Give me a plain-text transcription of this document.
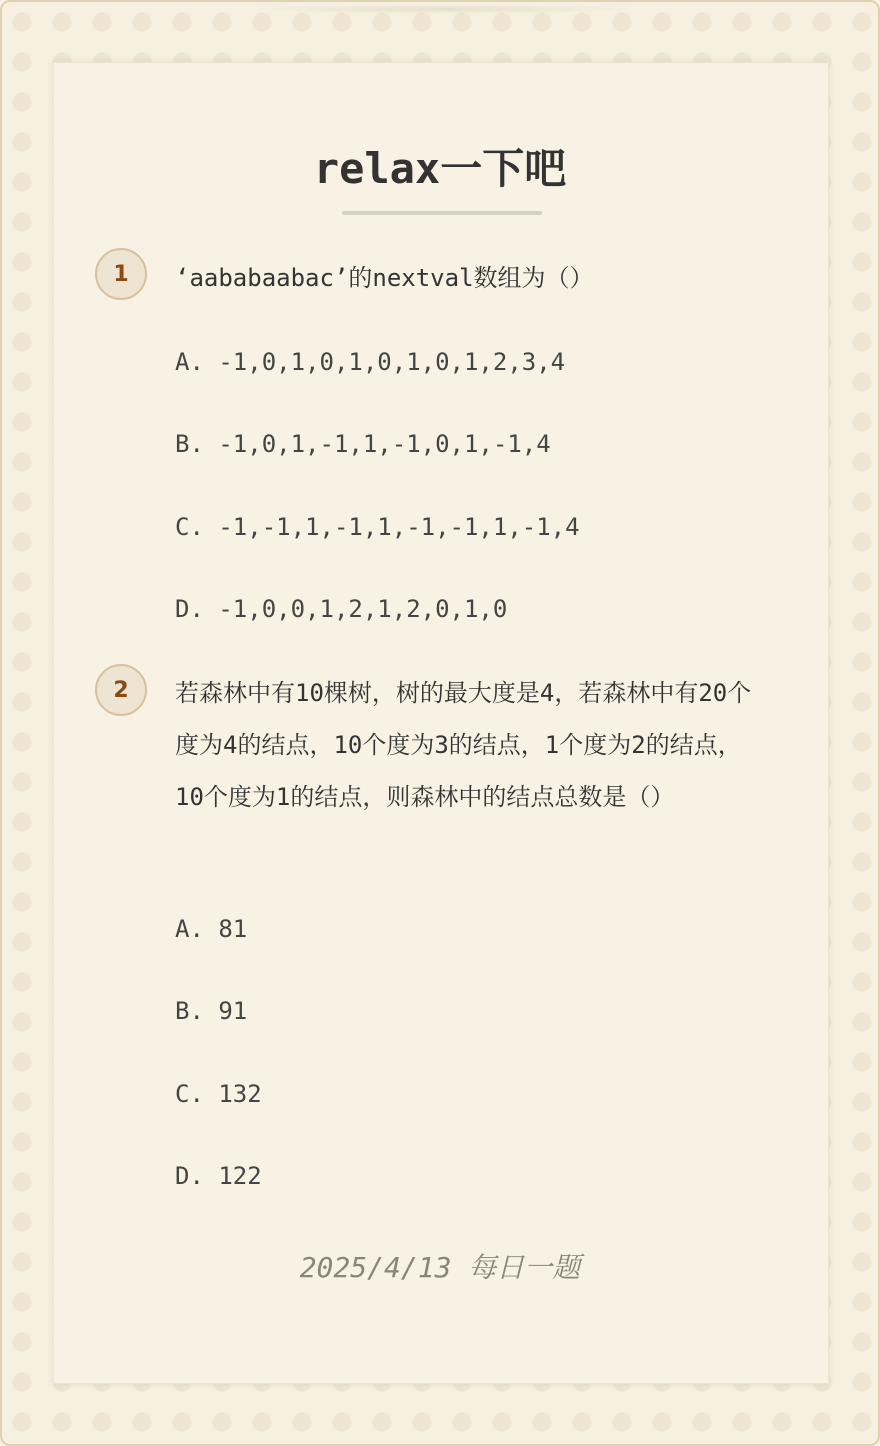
relax一下吧
1	‘aababaabac’的nextval数组为（）
A. -1,0,1,0,1,0,1,0,1,2,3,4
B. -1,0,1,-1,1,-1,0,1,-1,4
C. -1,-1,1,-1,1,-1,-1,1,-1,4
D. -1,0,0,1,2,1,2,0,1,0
2	若森林中有10棵树，树的最大度是4，若森林中有20个度为4的结点，10个度为3的结点，1个度为2的结点，10个度为1的结点，则森林中的结点总数是（）
A. 81
B. 91
C. 132
D. 122
2025/4/13 每日一题
